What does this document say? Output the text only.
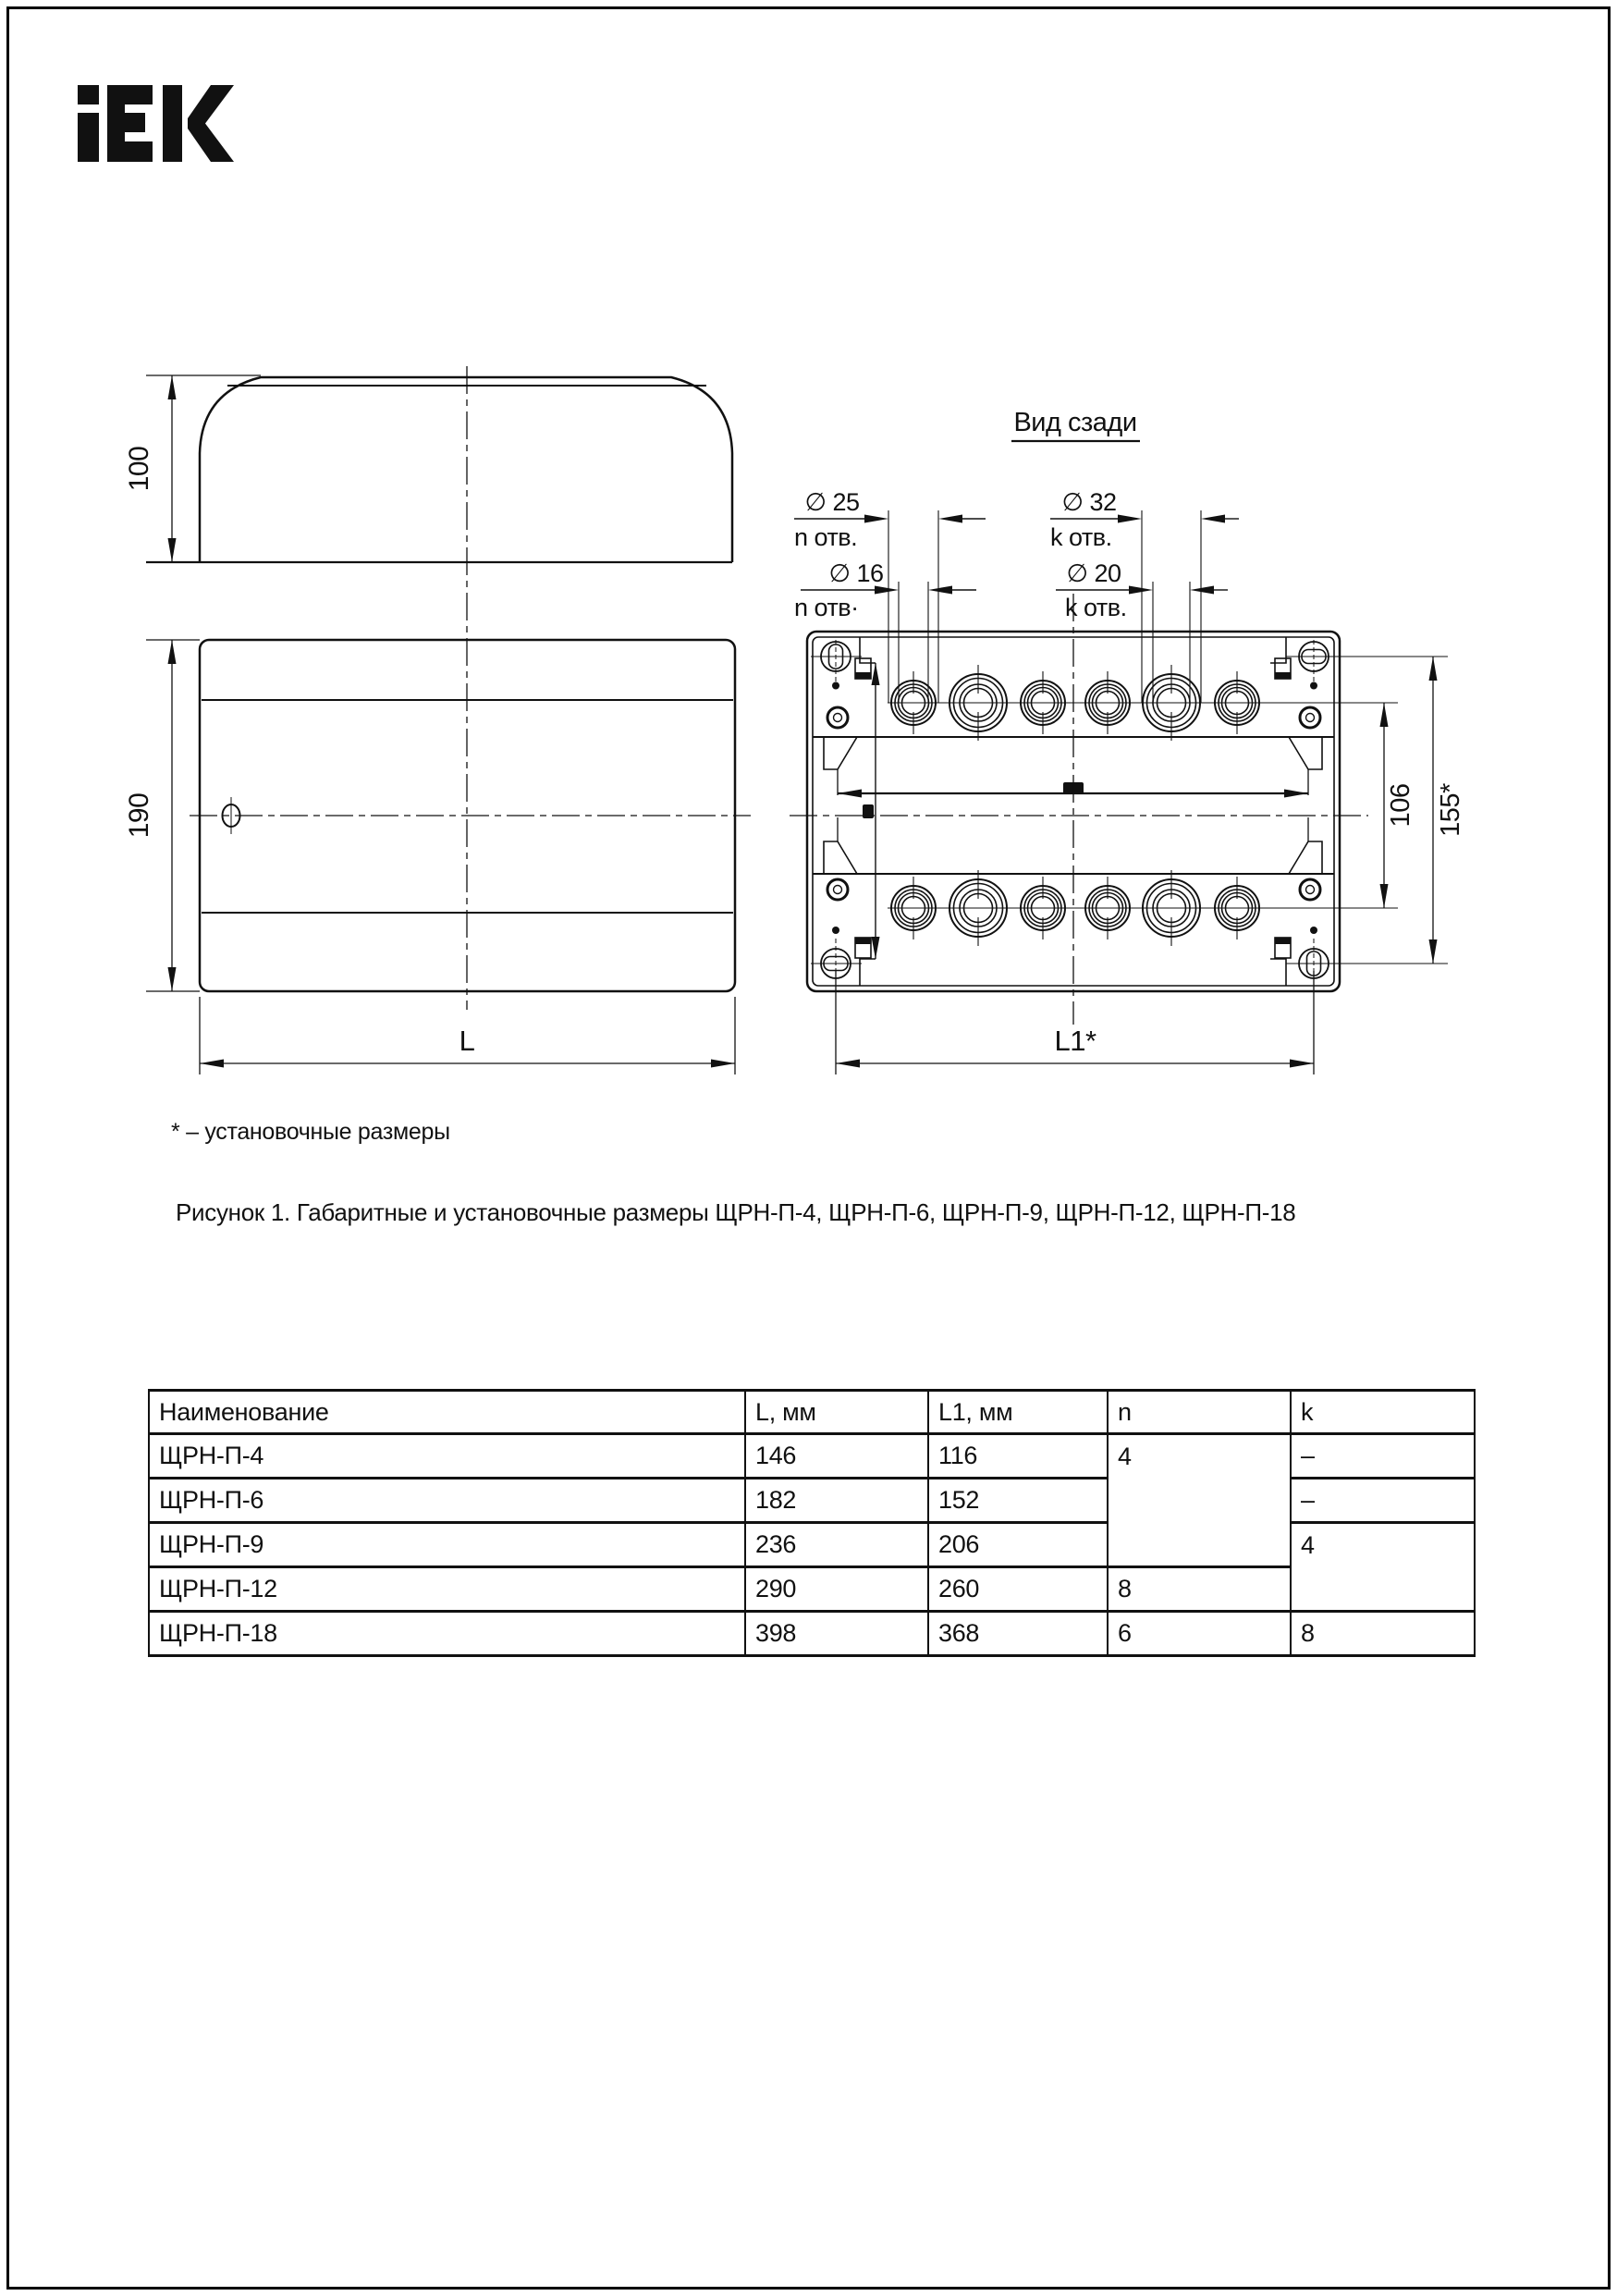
100
190
L
Вид сзади
∅ 25
n отв.
∅ 16
n отв·
∅ 32
k отв.
∅ 20
k отв.
106 155*
L1*
* – установочные размеры
Рисунок 1. Габаритные и установочные размеры ЩРН-П-4, ЩРН-П-6, ЩРН-П-9, ЩРН-П-12, ЩРН-П-18
Наименование	L, мм	L1, мм	n	k
ЩРН-П-4	146	116	4	–
ЩРН-П-6	182	152		–
ЩРН-П-9	236	206		4
ЩРН-П-12	290	260	8	
ЩРН-П-18	398	368	6	8
